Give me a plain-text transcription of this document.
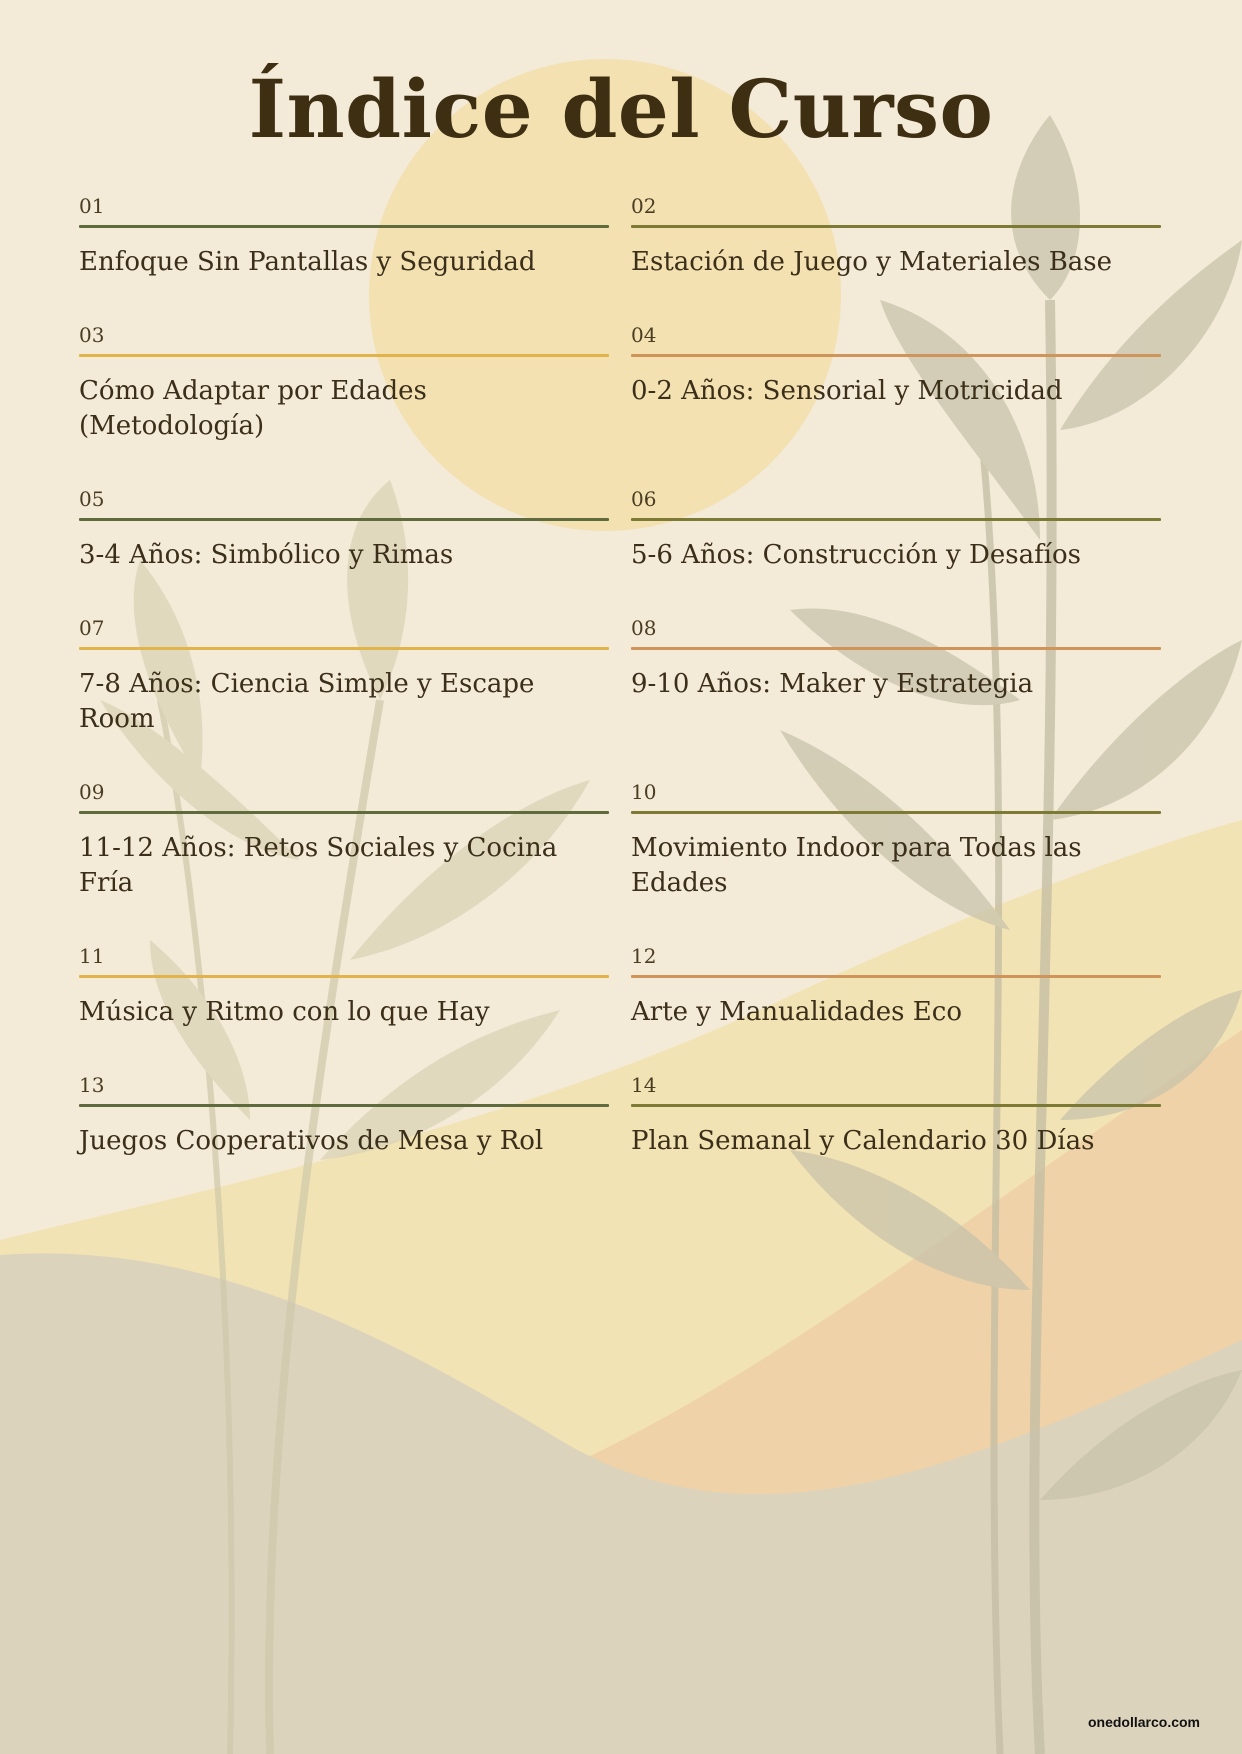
Índice del Curso
01
Enfoque Sin Pantallas y Seguridad
02
Estación de Juego y Materiales Base
03
Cómo Adaptar por Edades (Metodología)
04
0-2 Años: Sensorial y Motricidad
05
3-4 Años: Simbólico y Rimas
06
5-6 Años: Construcción y Desafíos
07
7-8 Años: Ciencia Simple y Escape Room
08
9-10 Años: Maker y Estrategia
09
11-12 Años: Retos Sociales y Cocina Fría
10
Movimiento Indoor para Todas las Edades
11
Música y Ritmo con lo que Hay
12
Arte y Manualidades Eco
13
Juegos Cooperativos de Mesa y Rol
14
Plan Semanal y Calendario 30 Días
onedollarco.com
